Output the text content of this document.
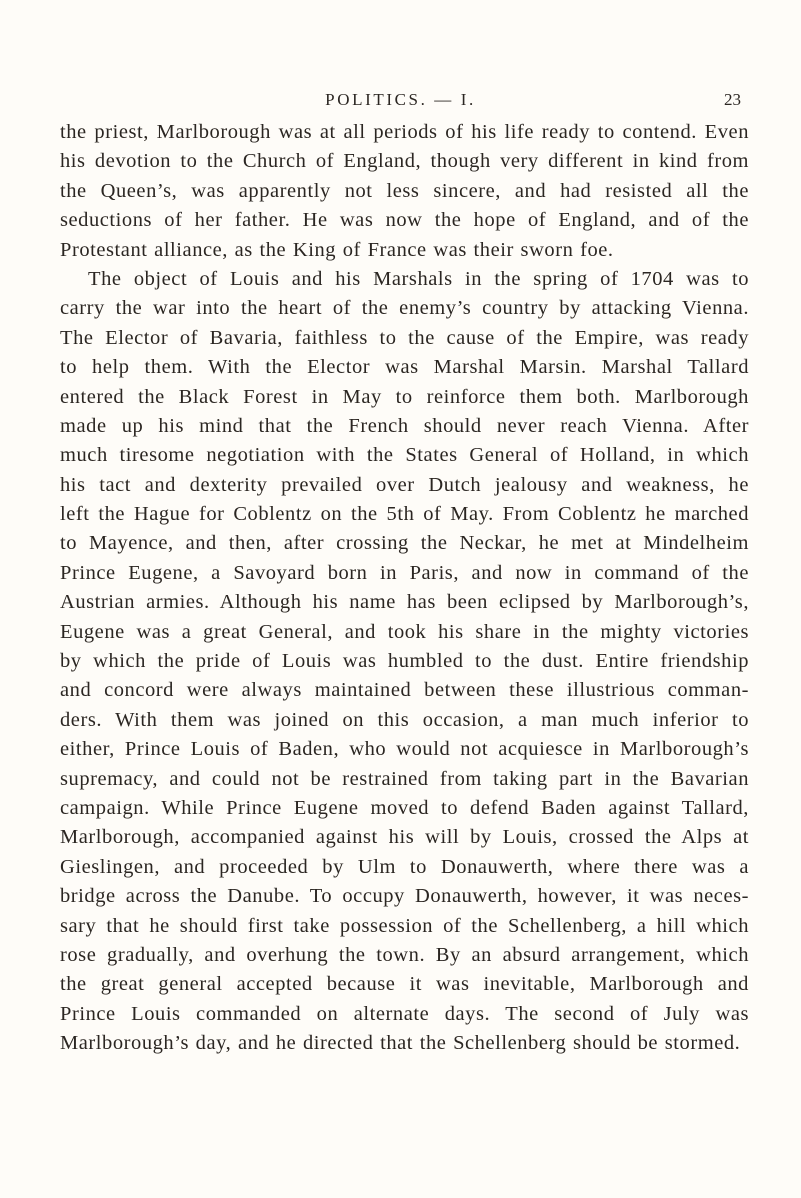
POLITICS. — I.	23
the priest, Marlborough was at all periods of his life ready to contend. Even
his devotion to the Church of England, though very different in kind from
the Queen’s, was apparently not less sincere, and had resisted all the
seductions of her father. He was now the hope of England, and of the
Protestant alliance, as the King of France was their sworn foe.
The object of Louis and his Marshals in the spring of 1704 was to
carry the war into the heart of the enemy’s country by attacking Vienna.
The Elector of Bavaria, faithless to the cause of the Empire, was ready
to help them. With the Elector was Marshal Marsin. Marshal Tallard
entered the Black Forest in May to reinforce them both. Marlborough
made up his mind that the French should never reach Vienna. After
much tiresome negotiation with the States General of Holland, in which
his tact and dexterity prevailed over Dutch jealousy and weakness, he
left the Hague for Coblentz on the 5th of May. From Coblentz he marched
to Mayence, and then, after crossing the Neckar, he met at Mindelheim
Prince Eugene, a Savoyard born in Paris, and now in command of the
Austrian armies. Although his name has been eclipsed by Marlborough’s,
Eugene was a great General, and took his share in the mighty victories
by which the pride of Louis was humbled to the dust. Entire friendship
and concord were always maintained between these illustrious comman-
ders. With them was joined on this occasion, a man much inferior to
either, Prince Louis of Baden, who would not acquiesce in Marlborough’s
supremacy, and could not be restrained from taking part in the Bavarian
campaign. While Prince Eugene moved to defend Baden against Tallard,
Marlborough, accompanied against his will by Louis, crossed the Alps at
Gieslingen, and proceeded by Ulm to Donauwerth, where there was a
bridge across the Danube. To occupy Donauwerth, however, it was neces-
sary that he should first take possession of the Schellenberg, a hill which
rose gradually, and overhung the town. By an absurd arrangement, which
the great general accepted because it was inevitable, Marlborough and
Prince Louis commanded on alternate days. The second of July was
Marlborough’s day, and he directed that the Schellenberg should be stormed.
